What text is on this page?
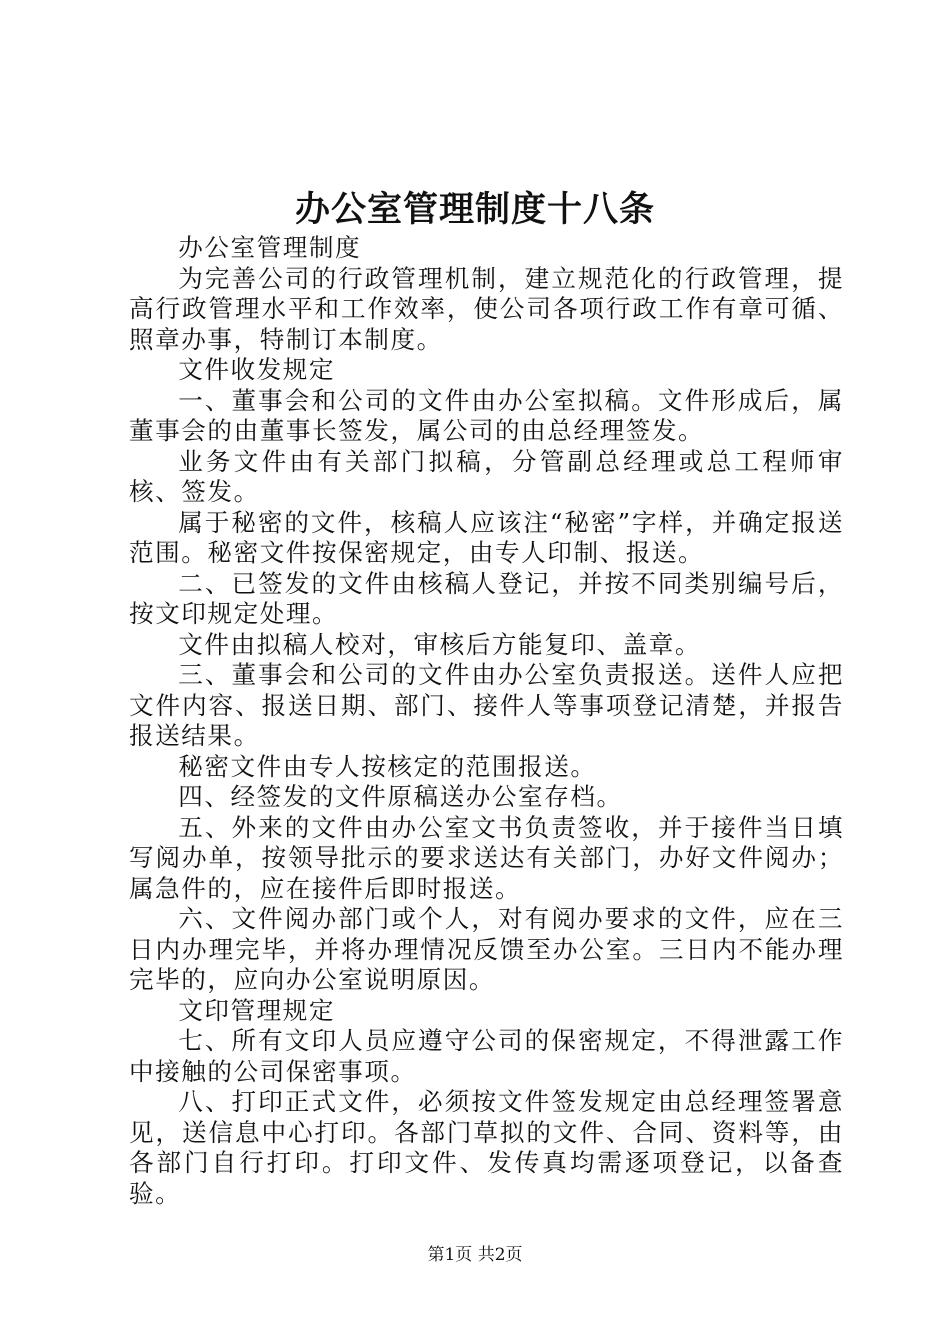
办公室管理制度十八条

办公室管理制度

为完善公司的行政管理机制，建立规范化的行政管理，提高行政管理水平和工作效率，使公司各项行政工作有章可循、照章办事，特制订本制度。

文件收发规定

一、董事会和公司的文件由办公室拟稿。文件形成后，属董事会的由董事长签发，属公司的由总经理签发。

业务文件由有关部门拟稿，分管副总经理或总工程师审核、签发。

属于秘密的文件，核稿人应该注“秘密”字样，并确定报送范围。秘密文件按保密规定，由专人印制、报送。

二、已签发的文件由核稿人登记，并按不同类别编号后，按文印规定处理。

文件由拟稿人校对，审核后方能复印、盖章。

三、董事会和公司的文件由办公室负责报送。送件人应把文件内容、报送日期、部门、接件人等事项登记清楚，并报告报送结果。

秘密文件由专人按核定的范围报送。

四、经签发的文件原稿送办公室存档。

五、外来的文件由办公室文书负责签收，并于接件当日填写阅办单，按领导批示的要求送达有关部门，办好文件阅办；属急件的，应在接件后即时报送。

六、文件阅办部门或个人，对有阅办要求的文件，应在三日内办理完毕，并将办理情况反馈至办公室。三日内不能办理完毕的，应向办公室说明原因。

文印管理规定

七、所有文印人员应遵守公司的保密规定，不得泄露工作中接触的公司保密事项。

八、打印正式文件，必须按文件签发规定由总经理签署意见，送信息中心打印。各部门草拟的文件、合同、资料等，由各部门自行打印。打印文件、发传真均需逐项登记，以备查验。

第1页 共2页
